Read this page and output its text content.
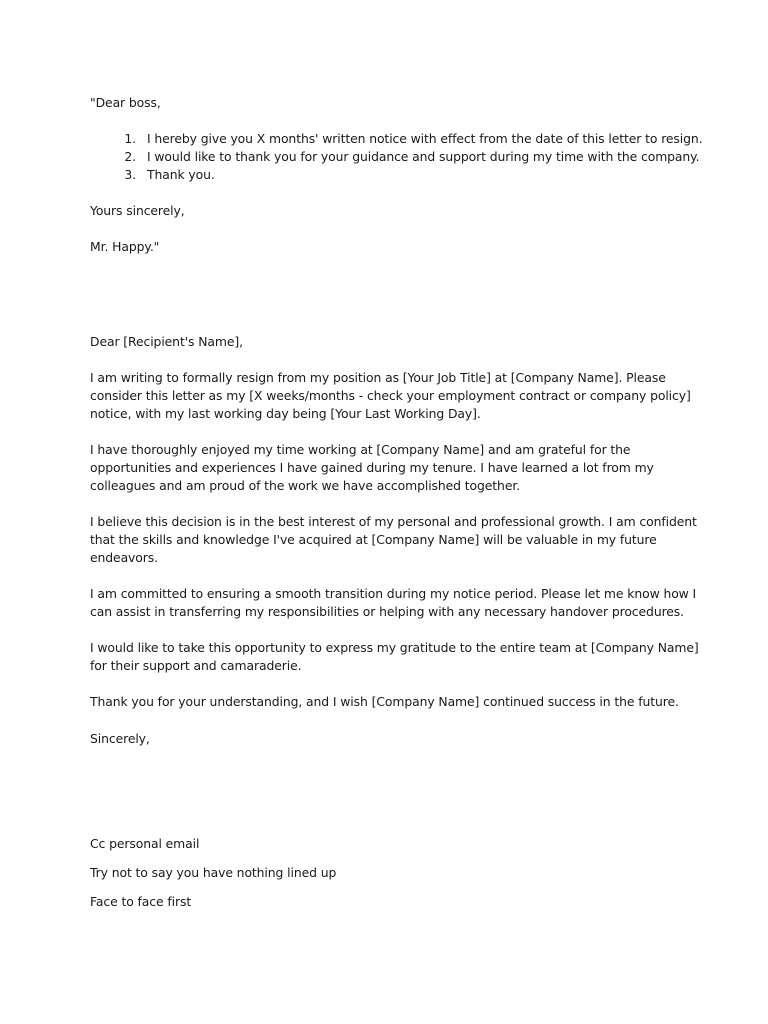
"Dear boss,
1. I hereby give you X months' written notice with effect from the date of this letter to resign.
2. I would like to thank you for your guidance and support during my time with the company.
3. Thank you.
Yours sincerely,
Mr. Happy."
Dear [Recipient's Name],
I am writing to formally resign from my position as [Your Job Title] at [Company Name]. Please
consider this letter as my [X weeks/months - check your employment contract or company policy]
notice, with my last working day being [Your Last Working Day].
I have thoroughly enjoyed my time working at [Company Name] and am grateful for the
opportunities and experiences I have gained during my tenure. I have learned a lot from my
colleagues and am proud of the work we have accomplished together.
I believe this decision is in the best interest of my personal and professional growth. I am confident
that the skills and knowledge I've acquired at [Company Name] will be valuable in my future
endeavors.
I am committed to ensuring a smooth transition during my notice period. Please let me know how I
can assist in transferring my responsibilities or helping with any necessary handover procedures.
I would like to take this opportunity to express my gratitude to the entire team at [Company Name]
for their support and camaraderie.
Thank you for your understanding, and I wish [Company Name] continued success in the future.
Sincerely,
Cc personal email
Try not to say you have nothing lined up
Face to face first
